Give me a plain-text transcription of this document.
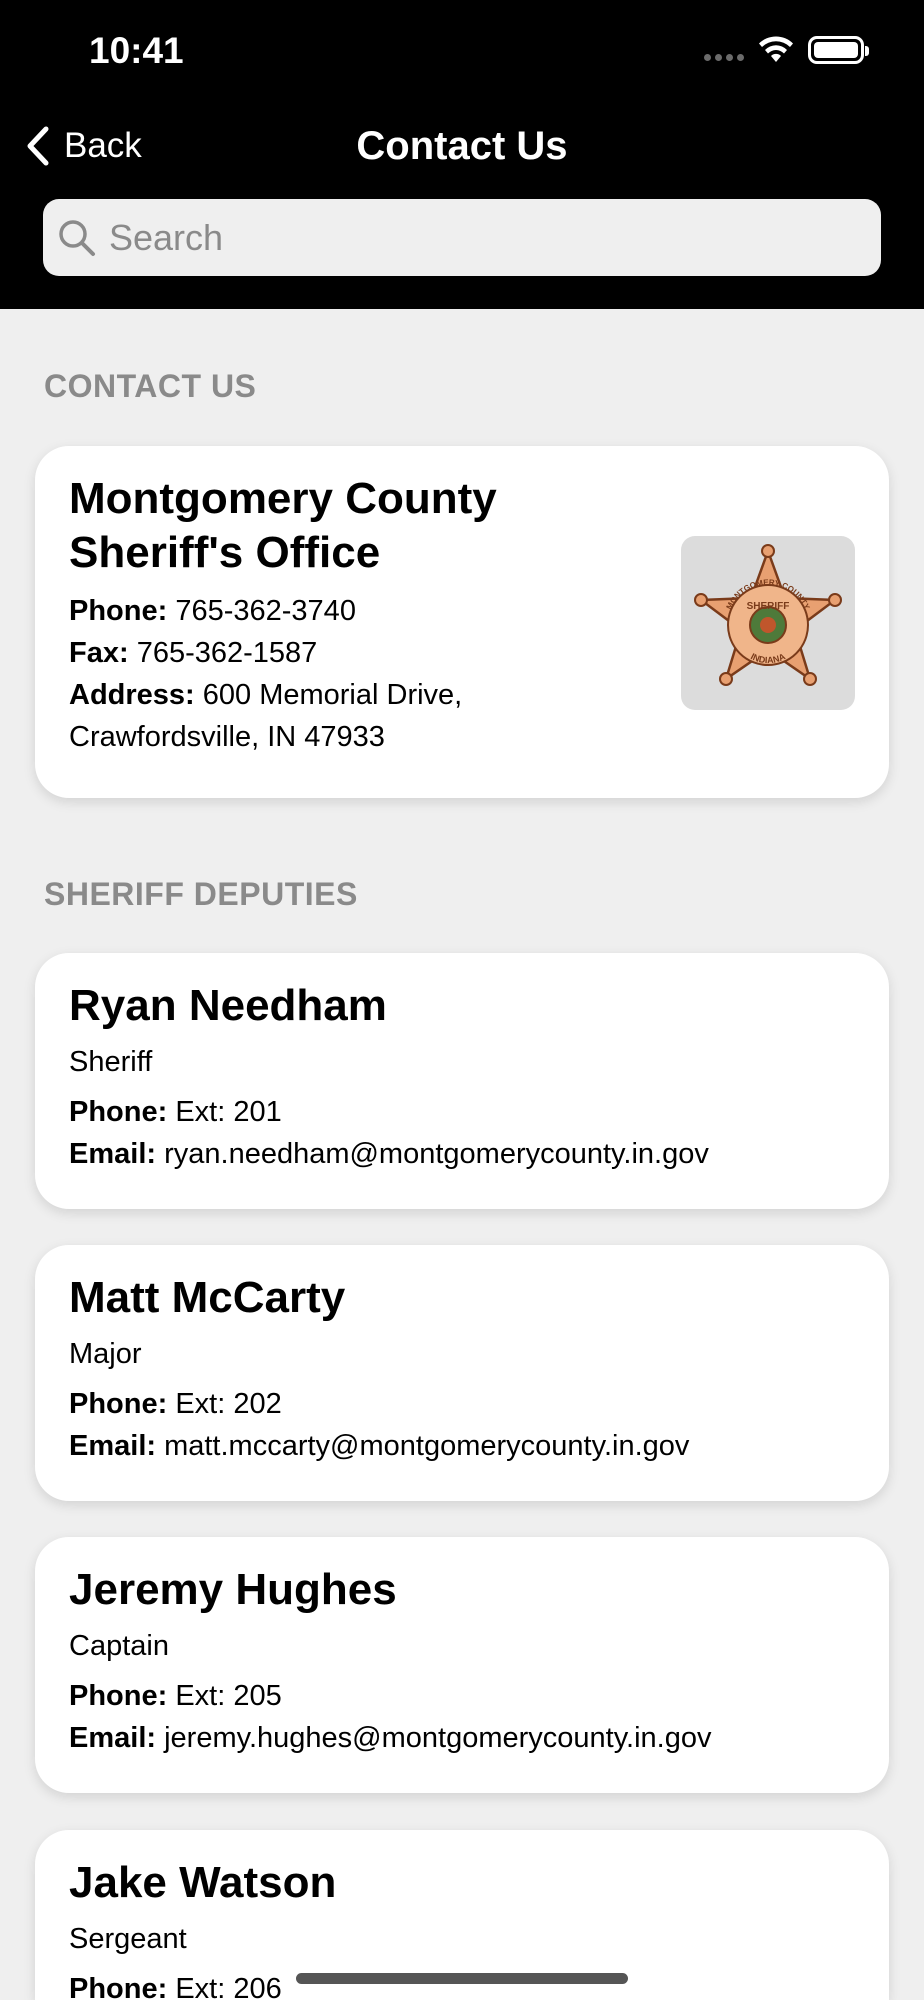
10:41
Back	Contact Us
Search
CONTACT US
Montgomery County Sheriff's Office
Phone: 765-362-3740
Fax: 765-362-1587
Address: 600 Memorial Drive, Crawfordsville, IN 47933
MONTGOMERY COUNTY
SHERIFF
INDIANA
SHERIFF DEPUTIES
Ryan Needham
Sheriff
Phone: Ext: 201
Email: ryan.needham@montgomerycounty.in.gov
Matt McCarty
Major
Phone: Ext: 202
Email: matt.mccarty@montgomerycounty.in.gov
Jeremy Hughes
Captain
Phone: Ext: 205
Email: jeremy.hughes@montgomerycounty.in.gov
Jake Watson
Sergeant
Phone: Ext: 206
